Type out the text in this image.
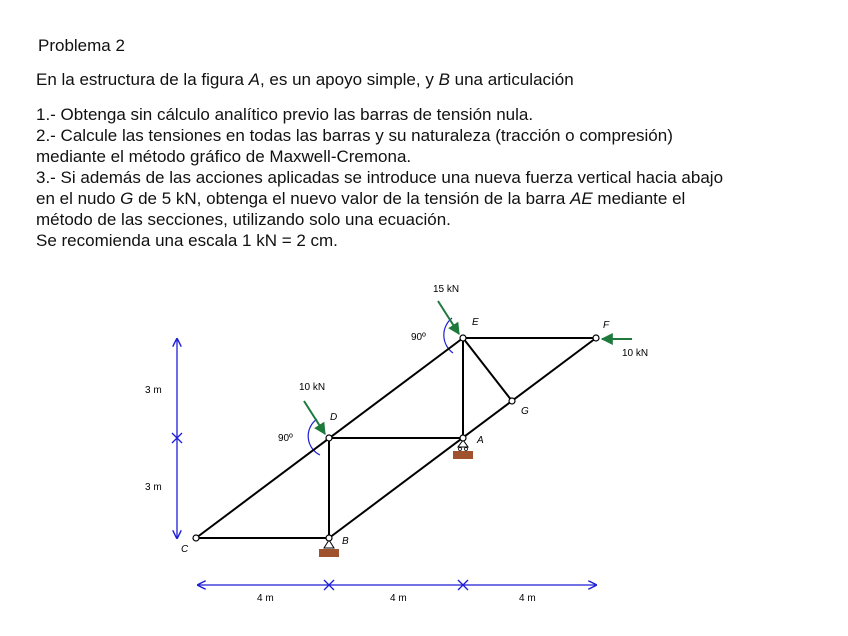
Problema 2
En la estructura de la figura A, es un apoyo simple, y B una articulación
1.- Obtenga sin cálculo analítico previo las barras de tensión nula.
2.- Calcule las tensiones en todas las barras y su naturaleza (tracción o compresión)
mediante el método gráfico de Maxwell-Cremona.
3.- Si además de las acciones aplicadas se introduce una nueva fuerza vertical hacia abajo
en el nudo G de 5 kN, obtenga el nuevo valor de la tensión de la barra AE mediante el
método de las secciones, utilizando solo una ecuación.
Se recomienda una escala 1 kN = 2 cm.
C
B
D
A
E	F
G
15 kN
10 kN
10 kN
90º
90º
3 m
3 m
4 m	4 m	4 m
